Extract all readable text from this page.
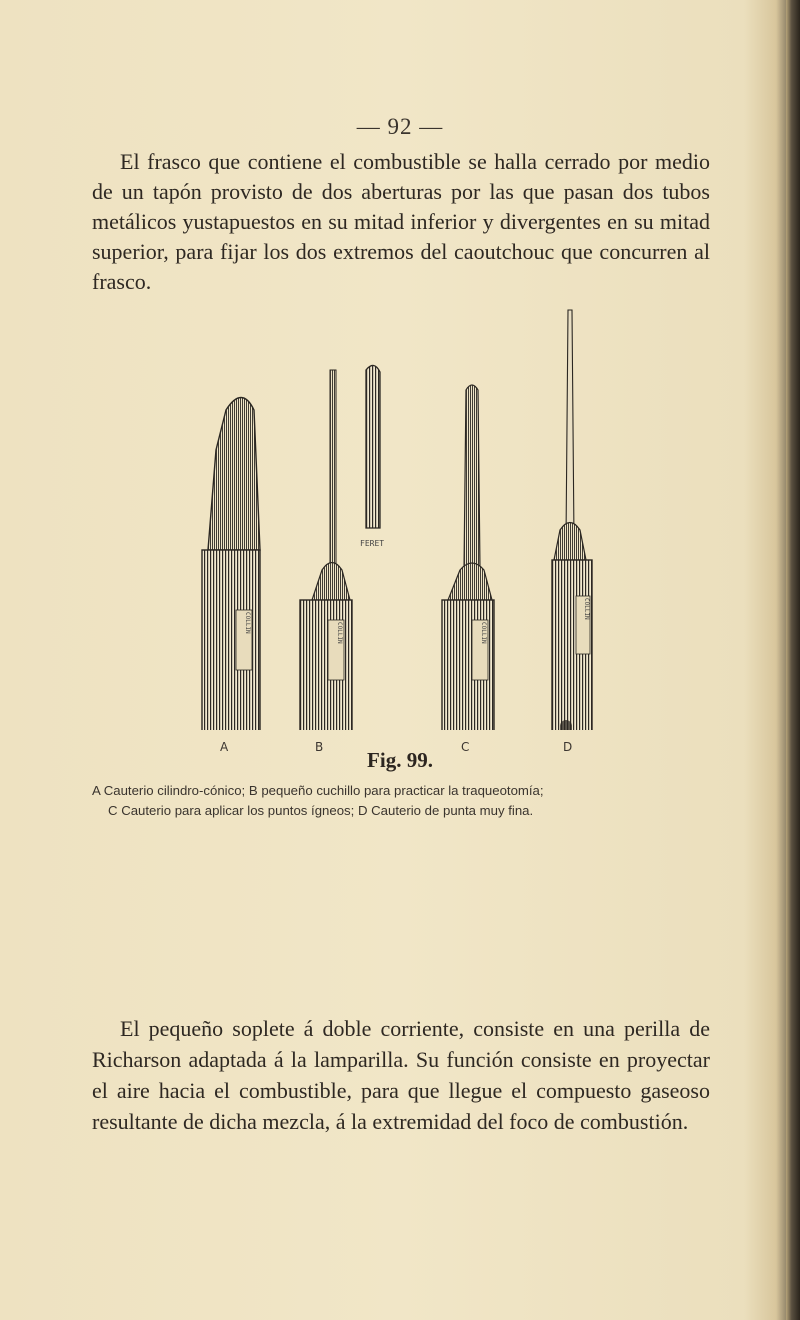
— 92 —

El frasco que contiene el combustible se halla cerrado por medio de un tapón provisto de dos aberturas por las que pasan dos tubos metálicos yustapuestos en su mitad inferior y divergentes en su mitad superior, para fijar los dos extremos del caoutchouc que concurren al frasco.

COLLIN	COLLIN
FERET
COLLIN
COLLIN
A	B	C	D
Fig. 99.
A Cauterio cilindro-cónico; B pequeño cuchillo para practicar la traqueotomía;
C Cauterio para aplicar los puntos ígneos; D Cauterio de punta muy fina.

El pequeño soplete á doble corriente, consiste en una perilla de Richarson adaptada á la lamparilla. Su función consiste en proyectar el aire hacia el combustible, para que llegue el compuesto gaseoso resultante de dicha mezcla, á la extremidad del foco de combustión.
